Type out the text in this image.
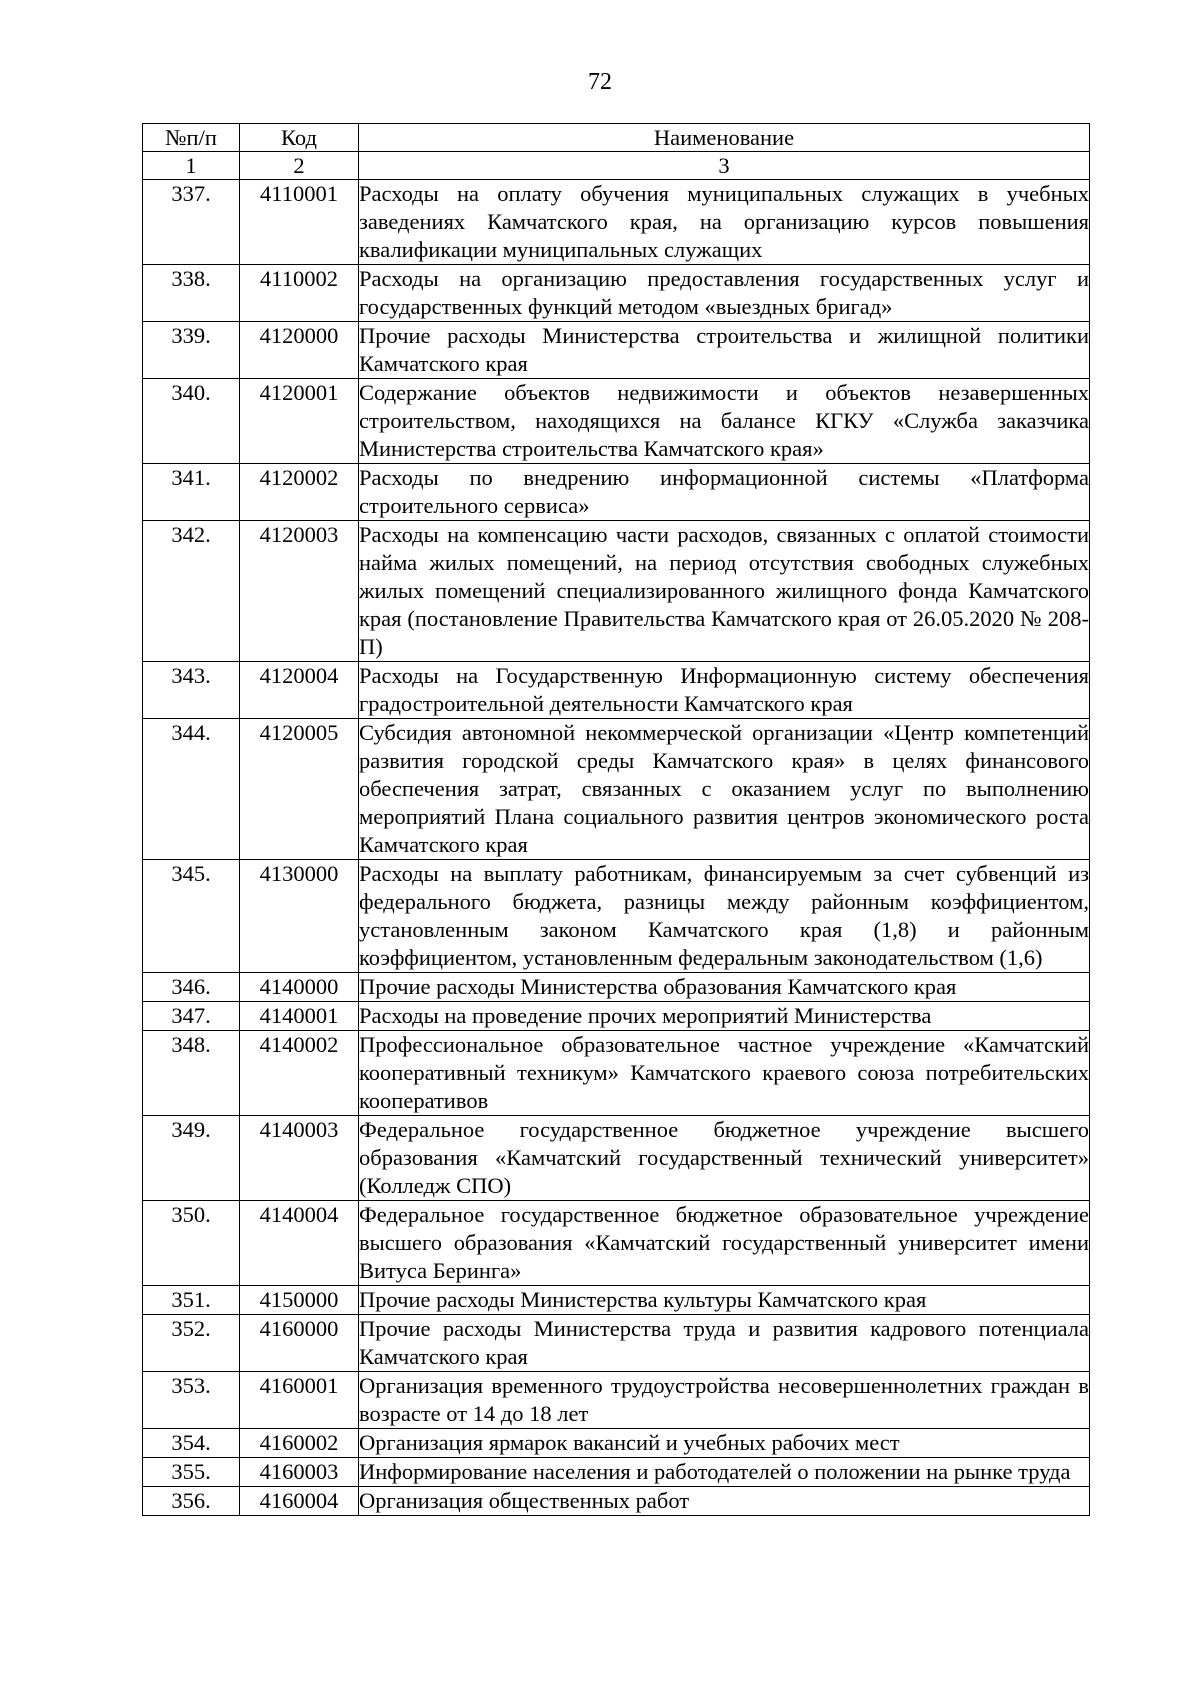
72
№п/п	Код	Наименование
1	2	3
337.	4110001	Расходы на оплату обучения муниципальных служащих в учебных заведениях Камчатского края, на организацию курсов повышения квалификации муниципальных служащих
338.	4110002	Расходы на организацию предоставления государственных услуг и государственных функций методом «выездных бригад»
339.	4120000	Прочие расходы Министерства строительства и жилищной политики Камчатского края
340.	4120001	Содержание объектов недвижимости и объектов незавершенных строительством, находящихся на балансе КГКУ «Служба заказчика Министерства строительства Камчатского края»
341.	4120002	Расходы по внедрению информационной системы «Платформа строительного сервиса»
342.	4120003	Расходы на компенсацию части расходов, связанных с оплатой стоимости найма жилых помещений, на период отсутствия свободных служебных жилых помещений специализированного жилищного фонда Камчатского края (постановление Правительства Камчатского края от 26.05.2020 № 208-П)
343.	4120004	Расходы на Государственную Информационную систему обеспечения градостроительной деятельности Камчатского края
344.	4120005	Субсидия автономной некоммерческой организации «Центр компетенций развития городской среды Камчатского края» в целях финансового обеспечения затрат, связанных с оказанием услуг по выполнению мероприятий Плана социального развития центров экономического роста Камчатского края
345.	4130000	Расходы на выплату работникам, финансируемым за счет субвенций из федерального бюджета, разницы между районным коэффициентом, установленным законом Камчатского края (1,8) и районным коэффициентом, установленным федеральным законодательством (1,6)
346.	4140000	Прочие расходы Министерства образования Камчатского края
347.	4140001	Расходы на проведение прочих мероприятий Министерства
348.	4140002	Профессиональное образовательное частное учреждение «Камчатский кооперативный техникум» Камчатского краевого союза потребительских кооперативов
349.	4140003	Федеральное государственное бюджетное учреждение высшего образования «Камчатский государственный технический университет» (Колледж СПО)
350.	4140004	Федеральное государственное бюджетное образовательное учреждение высшего образования «Камчатский государственный университет имени Витуса Беринга»
351.	4150000	Прочие расходы Министерства культуры Камчатского края
352.	4160000	Прочие расходы Министерства труда и развития кадрового потенциала Камчатского края
353.	4160001	Организация временного трудоустройства несовершеннолетних граждан в возрасте от 14 до 18 лет
354.	4160002	Организация ярмарок вакансий и учебных рабочих мест
355.	4160003	Информирование населения и работодателей о положении на рынке труда
356.	4160004	Организация общественных работ
